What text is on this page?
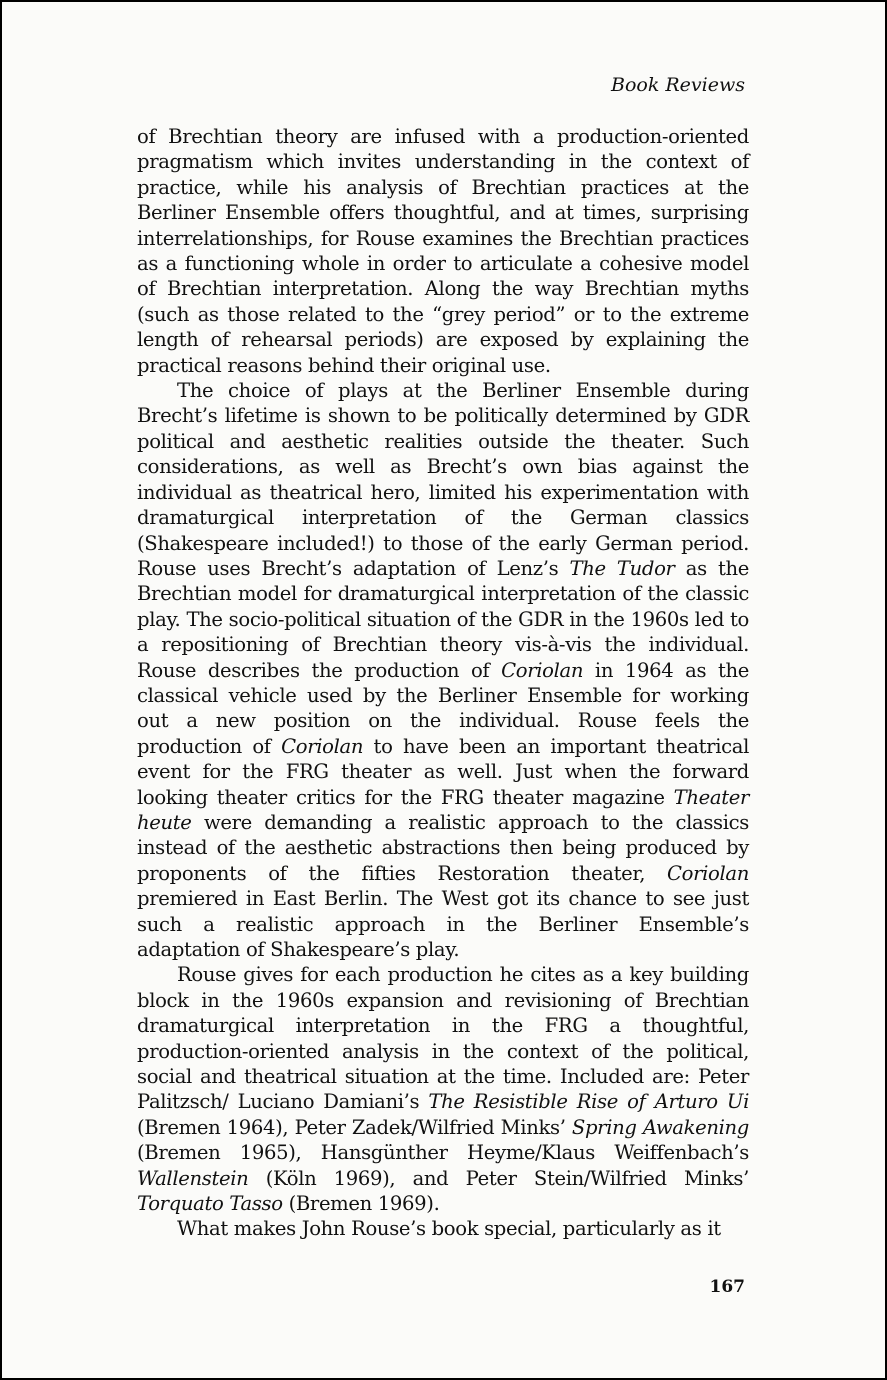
Book Reviews

of Brechtian theory are infused with a production-oriented pragmatism which invites understanding in the context of practice, while his analysis of Brechtian practices at the Berliner Ensemble offers thoughtful, and at times, surprising interrelationships, for Rouse examines the Brechtian practices as a functioning whole in order to articulate a cohesive model of Brechtian interpretation. Along the way Brechtian myths (such as those related to the “grey period” or to the extreme length of rehearsal periods) are exposed by explaining the practical reasons behind their original use.

The choice of plays at the Berliner Ensemble during Brecht’s lifetime is shown to be politically determined by GDR political and aesthetic realities outside the theater. Such considerations, as well as Brecht’s own bias against the individual as theatrical hero, limited his experimentation with dramaturgical interpretation of the German classics (Shakespeare included!) to those of the early German period. Rouse uses Brecht’s adaptation of Lenz’s The Tudor as the Brechtian model for dramaturgical interpretation of the classic play. The socio-political situation of the GDR in the 1960s led to a repositioning of Brechtian theory vis-à-vis the individual. Rouse describes the production of Coriolan in 1964 as the classical vehicle used by the Berliner Ensemble for working out a new position on the individual. Rouse feels the production of Coriolan to have been an important theatrical event for the FRG theater as well. Just when the forward looking theater critics for the FRG theater magazine Theater heute were demanding a realistic approach to the classics instead of the aesthetic abstractions then being produced by proponents of the fifties Restoration theater, Coriolan premiered in East Berlin. The West got its chance to see just such a realistic approach in the Berliner Ensemble’s adaptation of Shakespeare’s play.

Rouse gives for each production he cites as a key building block in the 1960s expansion and revisioning of Brechtian dramaturgical interpretation in the FRG a thoughtful, production-oriented analysis in the context of the political, social and theatrical situation at the time. Included are: Peter Palitzsch/ Luciano Damiani’s The Resistible Rise of Arturo Ui (Bremen 1964), Peter Zadek/Wilfried Minks’ Spring Awakening (Bremen 1965), Hansgünther Heyme/Klaus Weiffenbach’s Wallenstein (Köln 1969), and Peter Stein/Wilfried Minks’ Torquato Tasso (Bremen 1969).

What makes John Rouse’s book special, particularly as it

167
